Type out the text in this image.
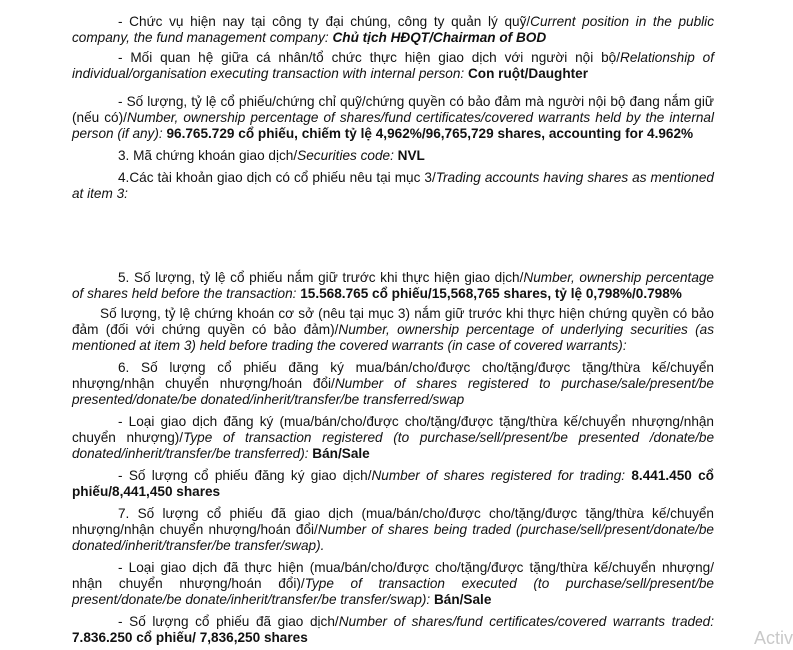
- Chức vụ hiện nay tại công ty đại chúng, công ty quản lý quỹ/Current position in the public company, the fund management company: Chủ tịch HĐQT/Chairman of BOD

- Mối quan hệ giữa cá nhân/tổ chức thực hiện giao dịch với người nội bộ/Relationship of individual/organisation executing transaction with internal person: Con ruột/Daughter

- Số lượng, tỷ lệ cổ phiếu/chứng chỉ quỹ/chứng quyền có bảo đảm mà người nội bộ đang nắm giữ (nếu có)/Number, ownership percentage of shares/fund certificates/covered warrants held by the internal person (if any): 96.765.729 cổ phiếu, chiếm tỷ lệ 4,962%/96,765,729 shares, accounting for 4.962%

3. Mã chứng khoán giao dịch/Securities code: NVL

4.Các tài khoản giao dịch có cổ phiếu nêu tại mục 3/Trading accounts having shares as mentioned at item 3:

5. Số lượng, tỷ lệ cổ phiếu nắm giữ trước khi thực hiện giao dịch/Number, ownership percentage of shares held before the transaction: 15.568.765 cổ phiếu/15,568,765 shares, tỷ lệ 0,798%/0.798%

Số lượng, tỷ lệ chứng khoán cơ sở (nêu tại mục 3) nắm giữ trước khi thực hiện chứng quyền có bảo đảm (đối với chứng quyền có bảo đảm)/Number, ownership percentage of underlying securities (as mentioned at item 3) held before trading the covered warrants (in case of covered warrants):

6. Số lượng cổ phiếu đăng ký mua/bán/cho/được cho/tặng/được tặng/thừa kế/chuyển nhượng/nhận chuyển nhượng/hoán đổi/Number of shares registered to purchase/sale/present/be presented/donate/be donated/inherit/transfer/be transferred/swap

- Loại giao dịch đăng ký (mua/bán/cho/được cho/tặng/được tặng/thừa kế/chuyển nhượng/nhận chuyển nhượng)/Type of transaction registered (to purchase/sell/present/be presented /donate/be donated/inherit/transfer/be transferred): Bán/Sale

- Số lượng cổ phiếu đăng ký giao dịch/Number of shares registered for trading: 8.441.450 cổ phiếu/8,441,450 shares

7. Số lượng cổ phiếu đã giao dịch (mua/bán/cho/được cho/tặng/được tặng/thừa kế/chuyển nhượng/nhận chuyển nhượng/hoán đổi/Number of shares being traded (purchase/sell/present/donate/be donated/inherit/transfer/be transfer/swap).

- Loại giao dịch đã thực hiện (mua/bán/cho/được cho/tặng/được tặng/thừa kế/chuyển nhượng/ nhận chuyển nhượng/hoán đổi)/Type of transaction executed (to purchase/sell/present/be present/donate/be donate/inherit/transfer/be transfer/swap): Bán/Sale

- Số lượng cổ phiếu đã giao dịch/Number of shares/fund certificates/covered warrants traded: 7.836.250 cổ phiếu/ 7,836,250 shares	Activ
